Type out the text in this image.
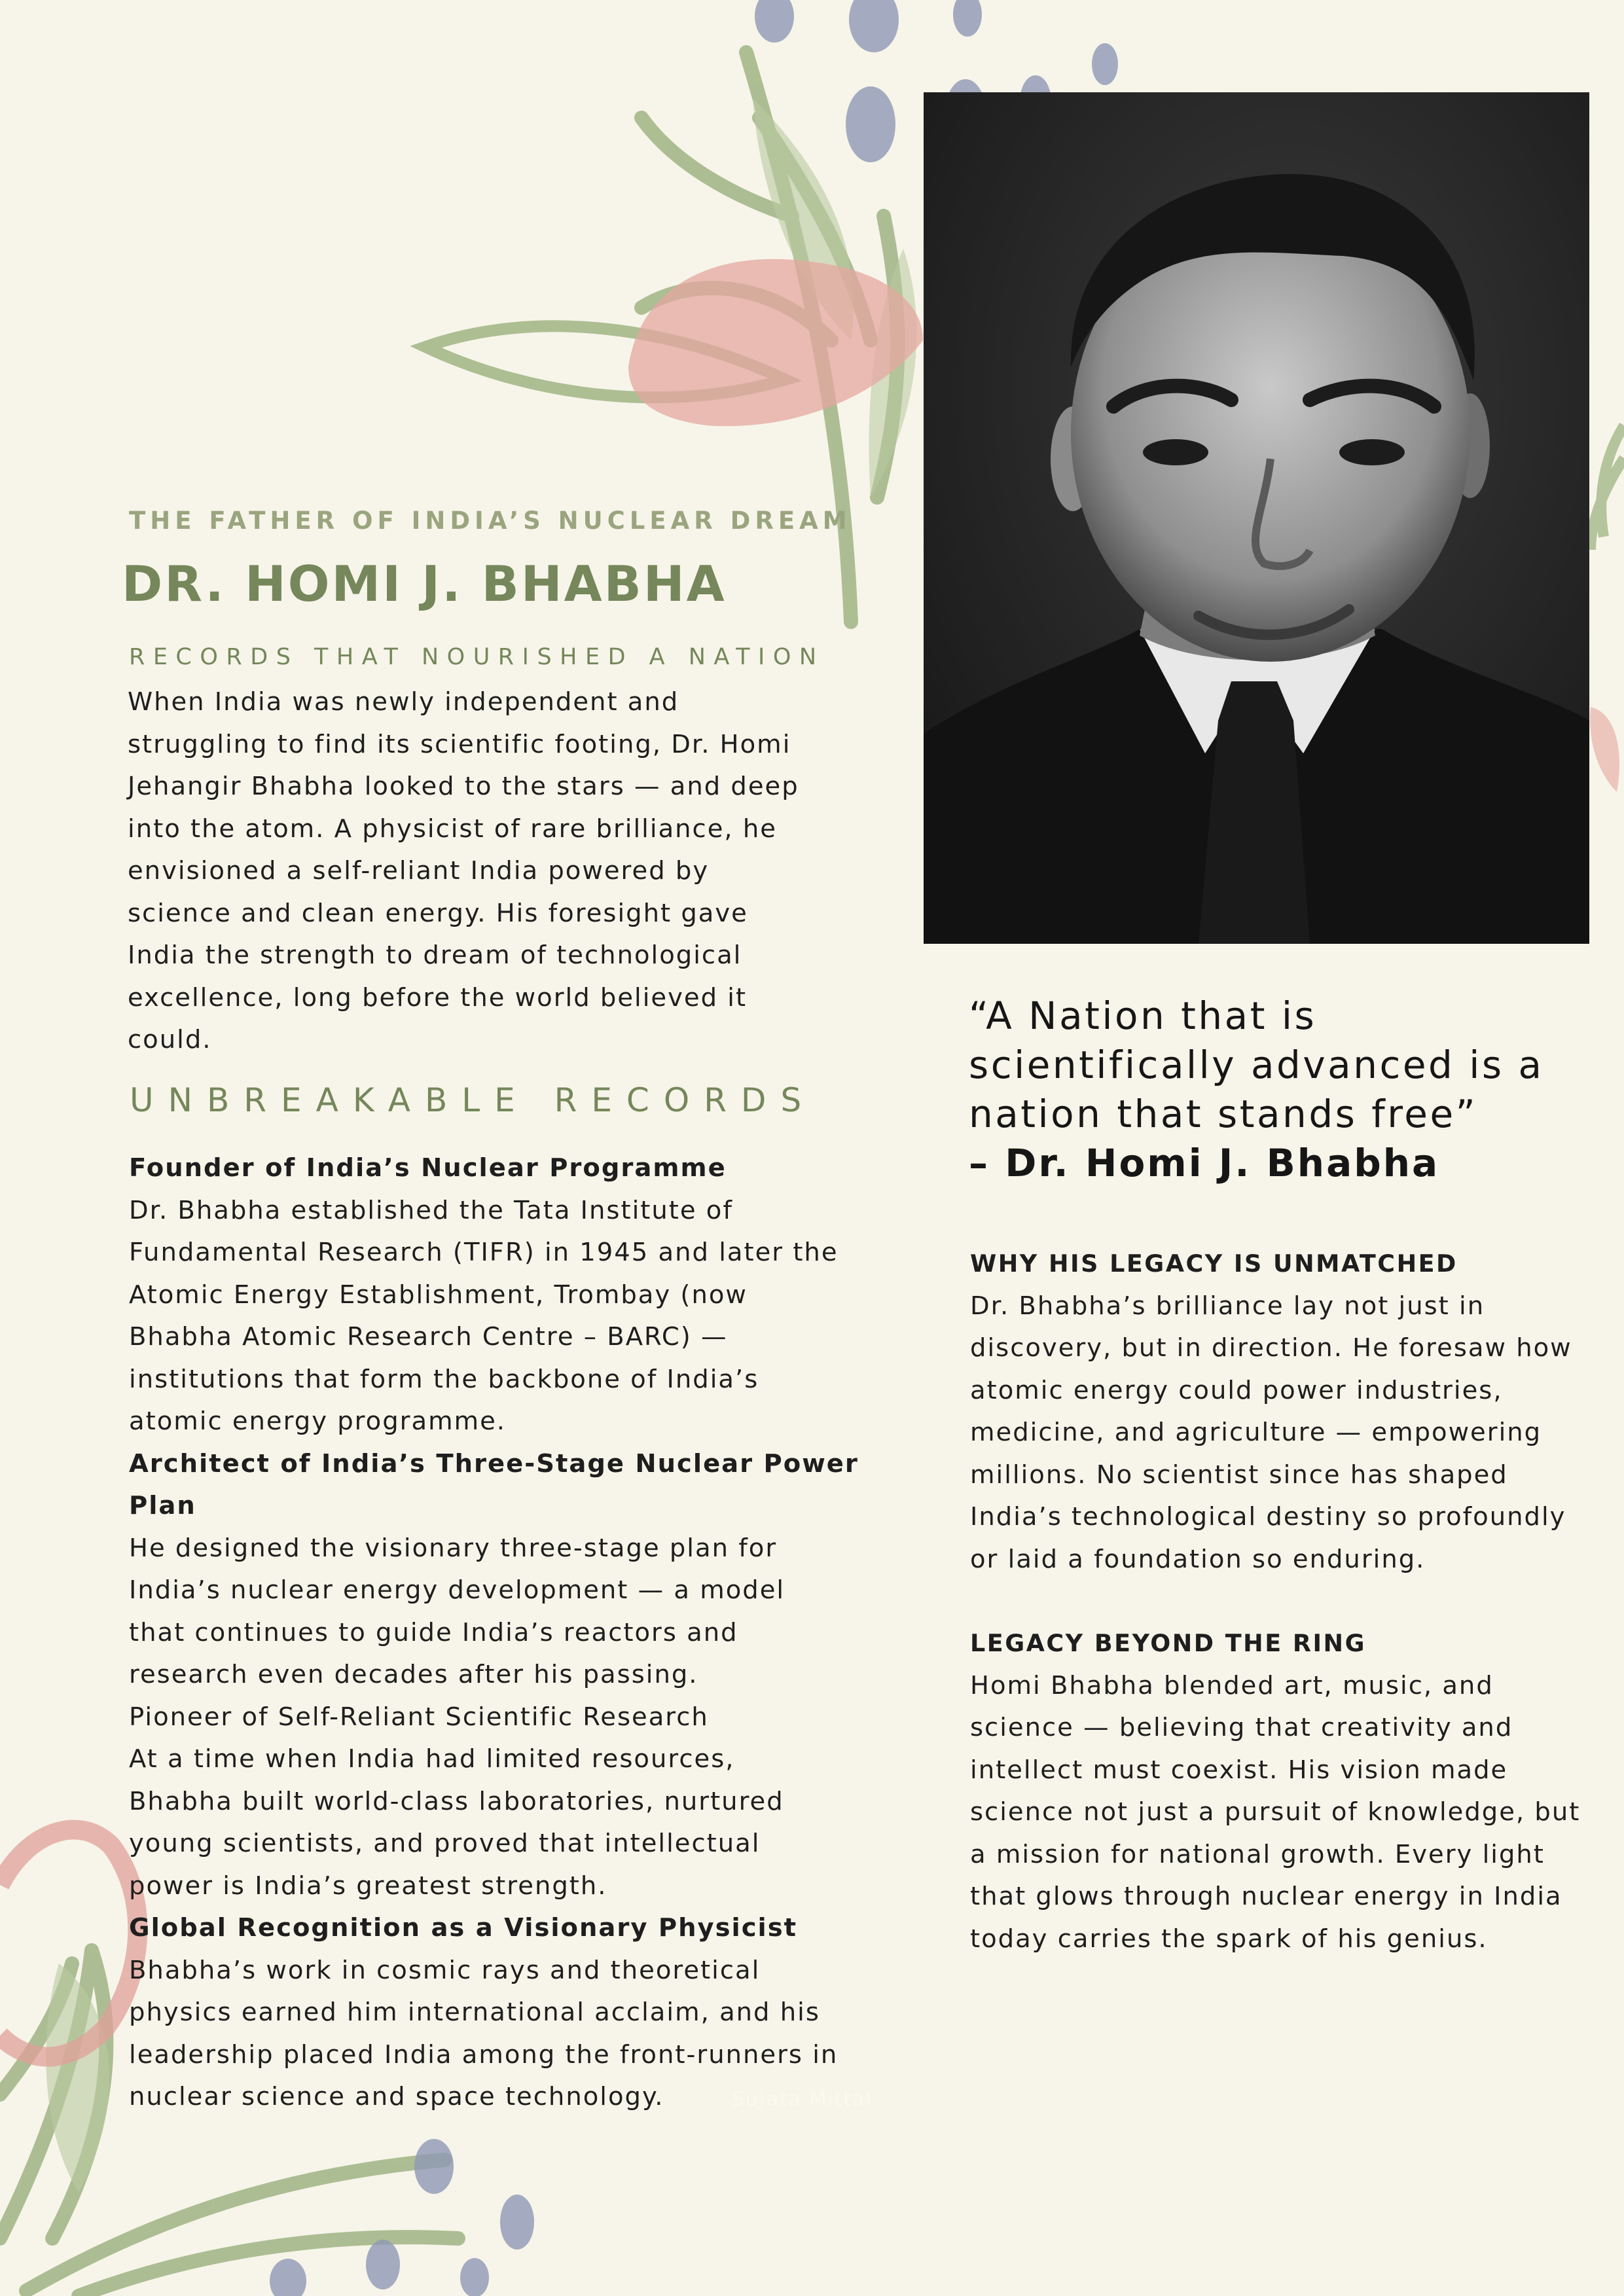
THE FATHER OF INDIA’S NUCLEAR DREAM
DR. HOMI J. BHABHA
RECORDS THAT NOURISHED A NATION

When India was newly independent and

struggling to find its scientific footing, Dr. Homi

Jehangir Bhabha looked to the stars — and deep

into the atom. A physicist of rare brilliance, he

envisioned a self-reliant India powered by

science and clean energy. His foresight gave

India the strength to dream of technological

excellence, long before the world believed it

could.

UNBREAKABLE RECORDS

Founder of India’s Nuclear Programme

Dr. Bhabha established the Tata Institute of

Fundamental Research (TIFR) in 1945 and later the

Atomic Energy Establishment, Trombay (now

Bhabha Atomic Research Centre – BARC) —

institutions that form the backbone of India’s

atomic energy programme.

Architect of India’s Three-Stage Nuclear Power

Plan

He designed the visionary three-stage plan for

India’s nuclear energy development — a model

that continues to guide India’s reactors and

research even decades after his passing.

Pioneer of Self-Reliant Scientific Research

At a time when India had limited resources,

Bhabha built world-class laboratories, nurtured

young scientists, and proved that intellectual

power is India’s greatest strength.

Global Recognition as a Visionary Physicist

Bhabha’s work in cosmic rays and theoretical

physics earned him international acclaim, and his

leadership placed India among the front-runners in

nuclear science and space technology.

“A Nation that is

scientifically advanced is a

nation that stands free”

– Dr. Homi J. Bhabha

WHY HIS LEGACY IS UNMATCHED

Dr. Bhabha’s brilliance lay not just in

discovery, but in direction. He foresaw how

atomic energy could power industries,

medicine, and agriculture — empowering

millions. No scientist since has shaped

India’s technological destiny so profoundly

or laid a foundation so enduring.

LEGACY BEYOND THE RING

Homi Bhabha blended art, music, and

science — believing that creativity and

intellect must coexist. His vision made

science not just a pursuit of knowledge, but

a mission for national growth. Every light

that glows through nuclear energy in India

today carries the spark of his genius.

Sujata Mittal
